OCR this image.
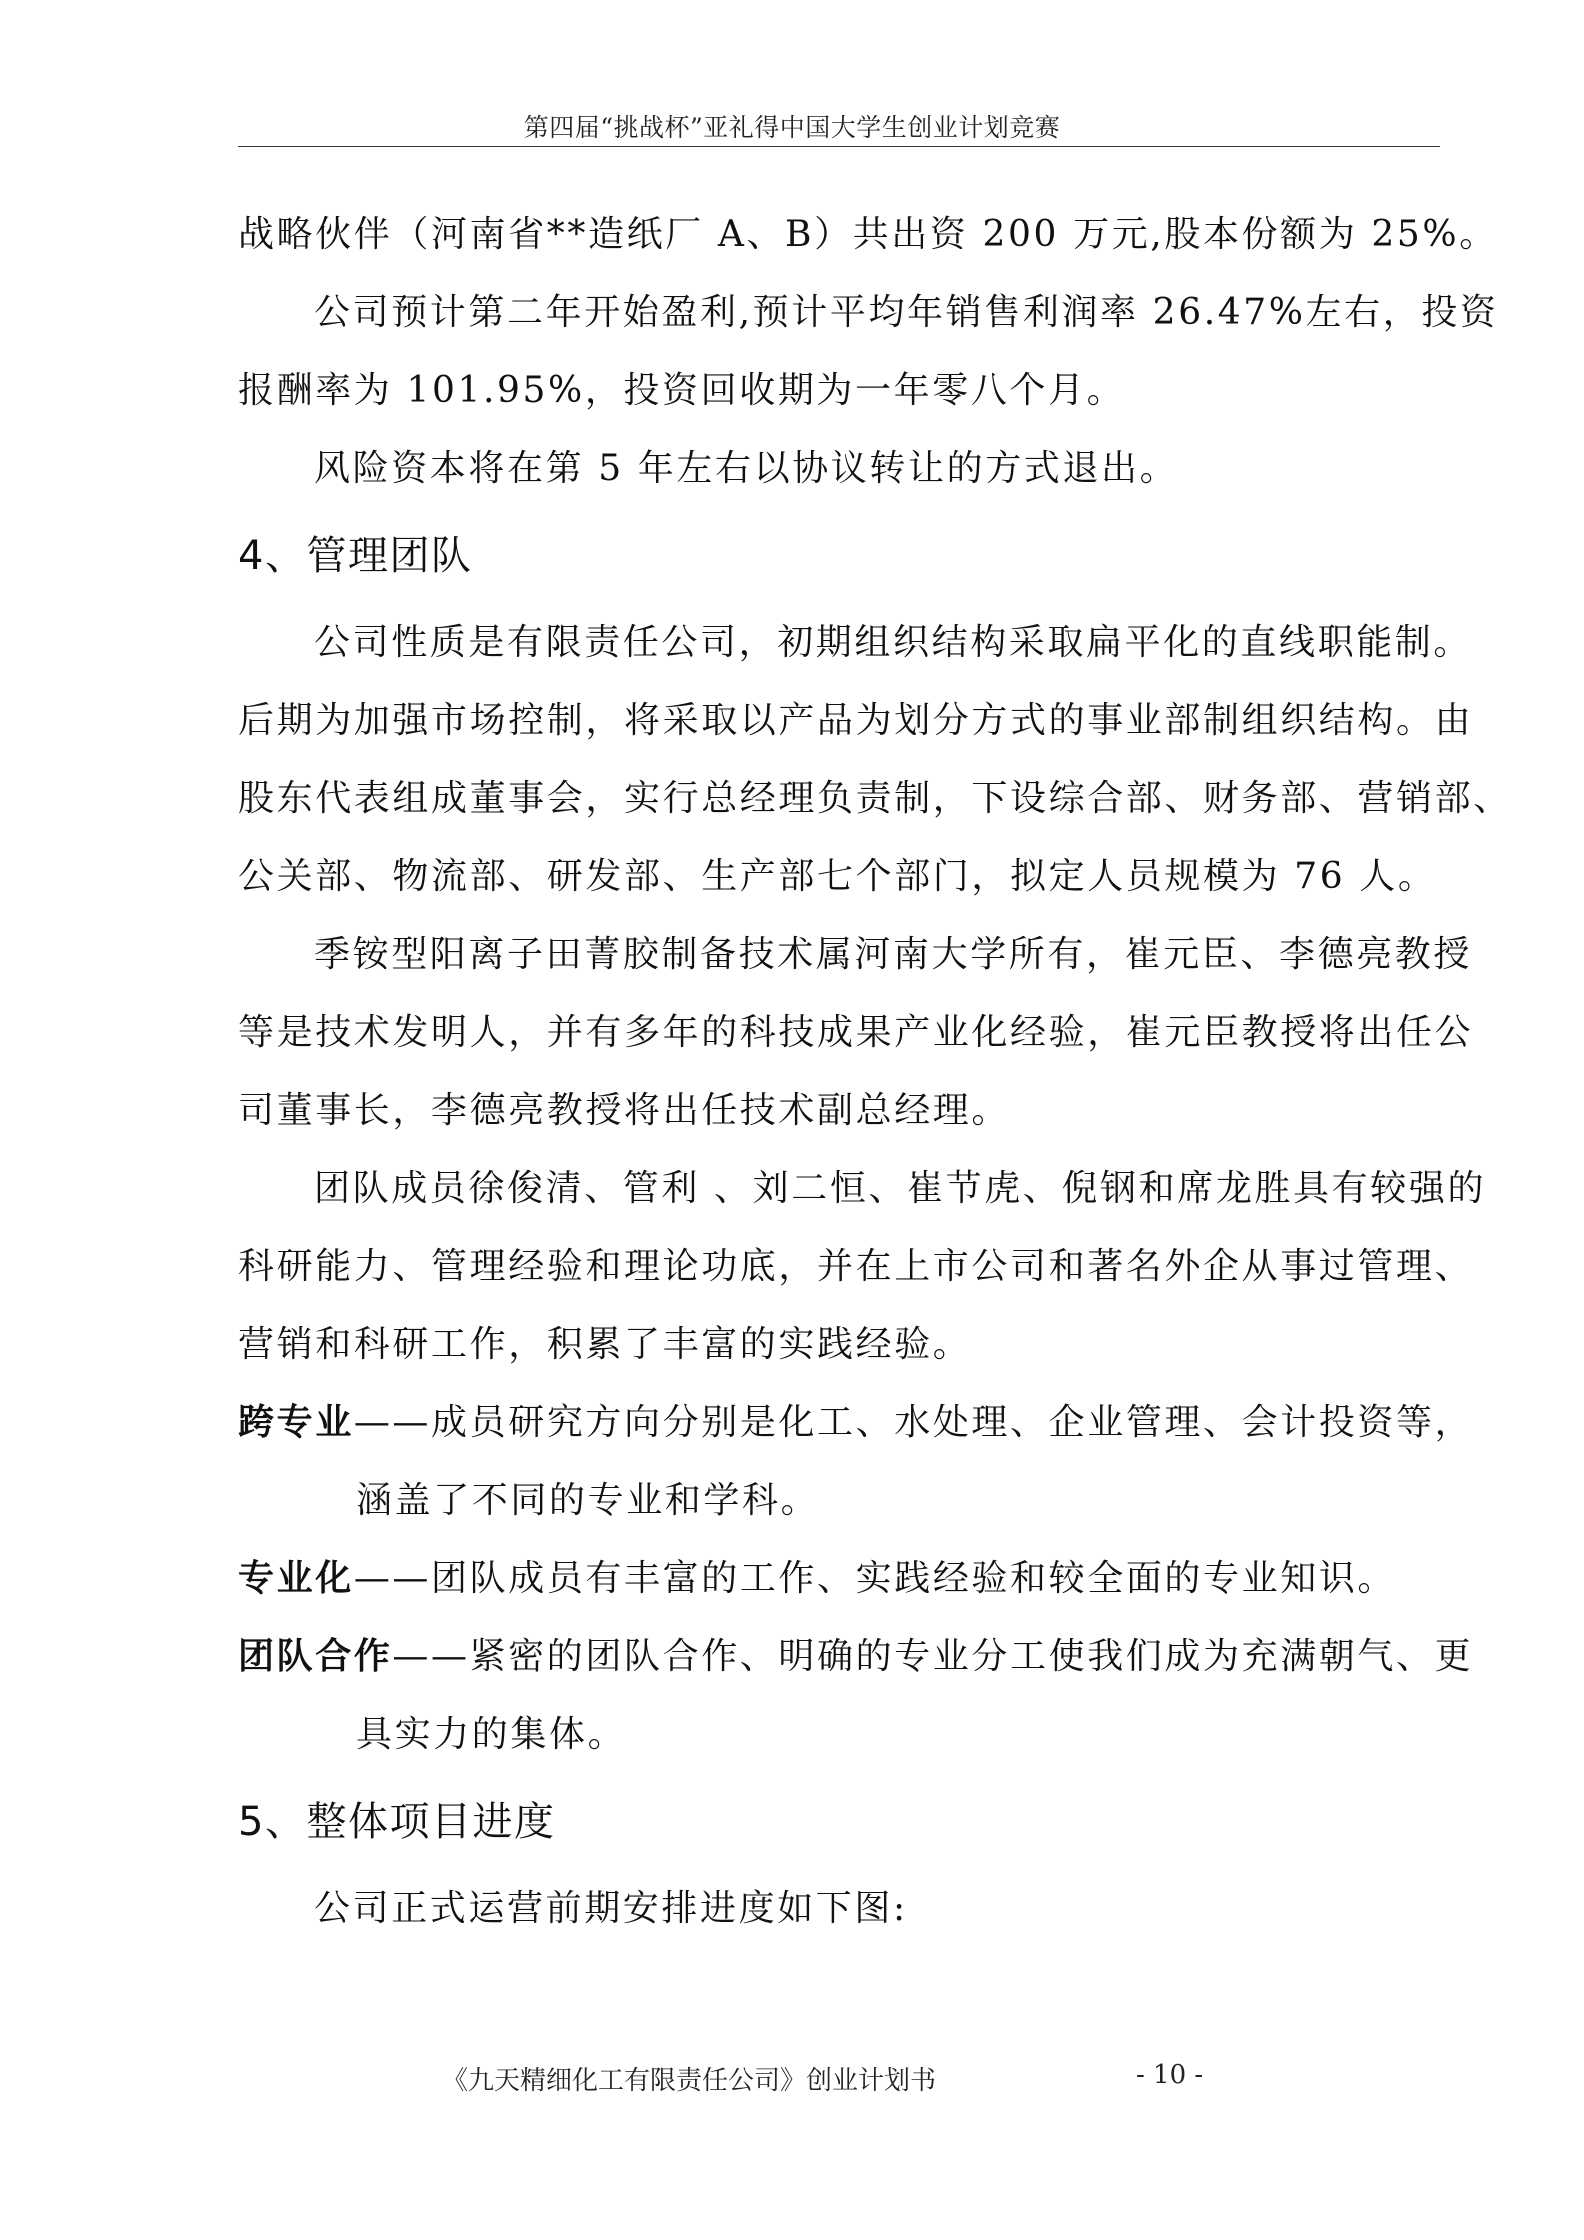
第四届“挑战杯”亚礼得中国大学生创业计划竞赛
战略伙伴（河南省**造纸厂 A、B）共出资 200 万元,股本份额为 25%。
公司预计第二年开始盈利,预计平均年销售利润率 26.47%左右，投资
报酬率为 101.95%，投资回收期为一年零八个月。
风险资本将在第 5 年左右以协议转让的方式退出。
4、管理团队
公司性质是有限责任公司，初期组织结构采取扁平化的直线职能制。
后期为加强市场控制，将采取以产品为划分方式的事业部制组织结构。由
股东代表组成董事会，实行总经理负责制，下设综合部、财务部、营销部、
公关部、物流部、研发部、生产部七个部门，拟定人员规模为 76 人。
季铵型阳离子田菁胶制备技术属河南大学所有，崔元臣、李德亮教授
等是技术发明人，并有多年的科技成果产业化经验，崔元臣教授将出任公
司董事长，李德亮教授将出任技术副总经理。
团队成员徐俊清、管利 、刘二恒、崔节虎、倪钢和席龙胜具有较强的
科研能力、管理经验和理论功底，并在上市公司和著名外企从事过管理、
营销和科研工作，积累了丰富的实践经验。
跨专业——成员研究方向分别是化工、水处理、企业管理、会计投资等，
涵盖了不同的专业和学科。
专业化——团队成员有丰富的工作、实践经验和较全面的专业知识。
团队合作——紧密的团队合作、明确的专业分工使我们成为充满朝气、更
具实力的集体。
5、整体项目进度
公司正式运营前期安排进度如下图:
《九天精细化工有限责任公司》创业计划书	- 10 -
